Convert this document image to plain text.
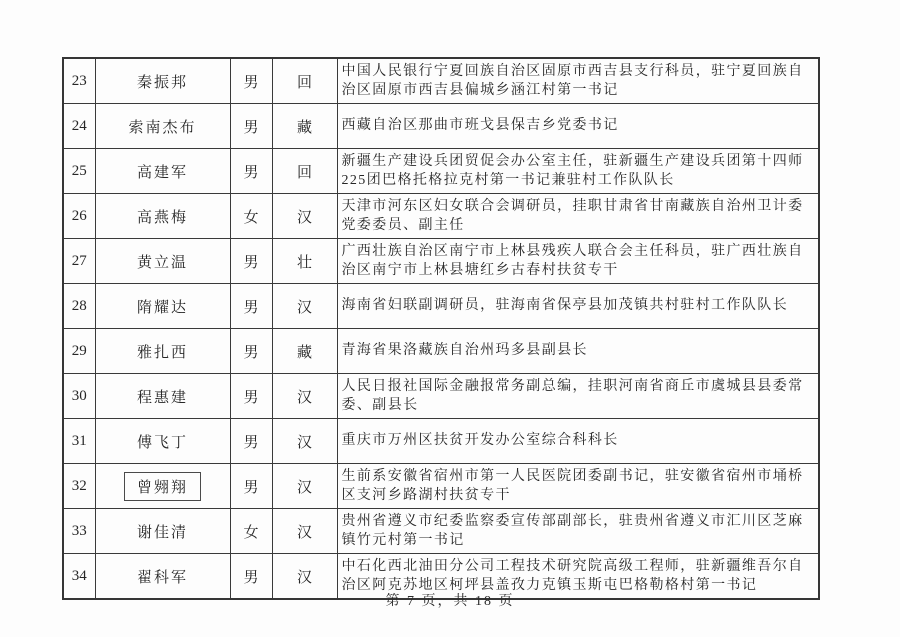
23	秦振邦	男	回	中国人民银行宁夏回族自治区固原市西吉县支行科员，驻宁夏回族自治区固原市西吉县偏城乡涵江村第一书记
24	索南杰布	男	藏	西藏自治区那曲市班戈县保吉乡党委书记
25	高建军	男	回	新疆生产建设兵团贸促会办公室主任，驻新疆生产建设兵团第十四师225团巴格托格拉克村第一书记兼驻村工作队队长
26	高燕梅	女	汉	天津市河东区妇女联合会调研员，挂职甘肃省甘南藏族自治州卫计委党委委员、副主任
27	黄立温	男	壮	广西壮族自治区南宁市上林县残疾人联合会主任科员，驻广西壮族自治区南宁市上林县塘红乡古春村扶贫专干
28	隋耀达	男	汉	海南省妇联副调研员，驻海南省保亭县加茂镇共村驻村工作队队长
29	雅扎西	男	藏	青海省果洛藏族自治州玛多县副县长
30	程惠建	男	汉	人民日报社国际金融报常务副总编，挂职河南省商丘市虞城县县委常委、副县长
31	傅飞丁	男	汉	重庆市万州区扶贫开发办公室综合科科长
32	曾翙翔	男	汉	生前系安徽省宿州市第一人民医院团委副书记，驻安徽省宿州市埇桥区支河乡路湖村扶贫专干
33	谢佳清	女	汉	贵州省遵义市纪委监察委宣传部副部长，驻贵州省遵义市汇川区芝麻镇竹元村第一书记
34	翟科军	男	汉	中石化西北油田分公司工程技术研究院高级工程师，驻新疆维吾尔自治区阿克苏地区柯坪县盖孜力克镇玉斯屯巴格勒格村第一书记
第 7 页，共 18 页
